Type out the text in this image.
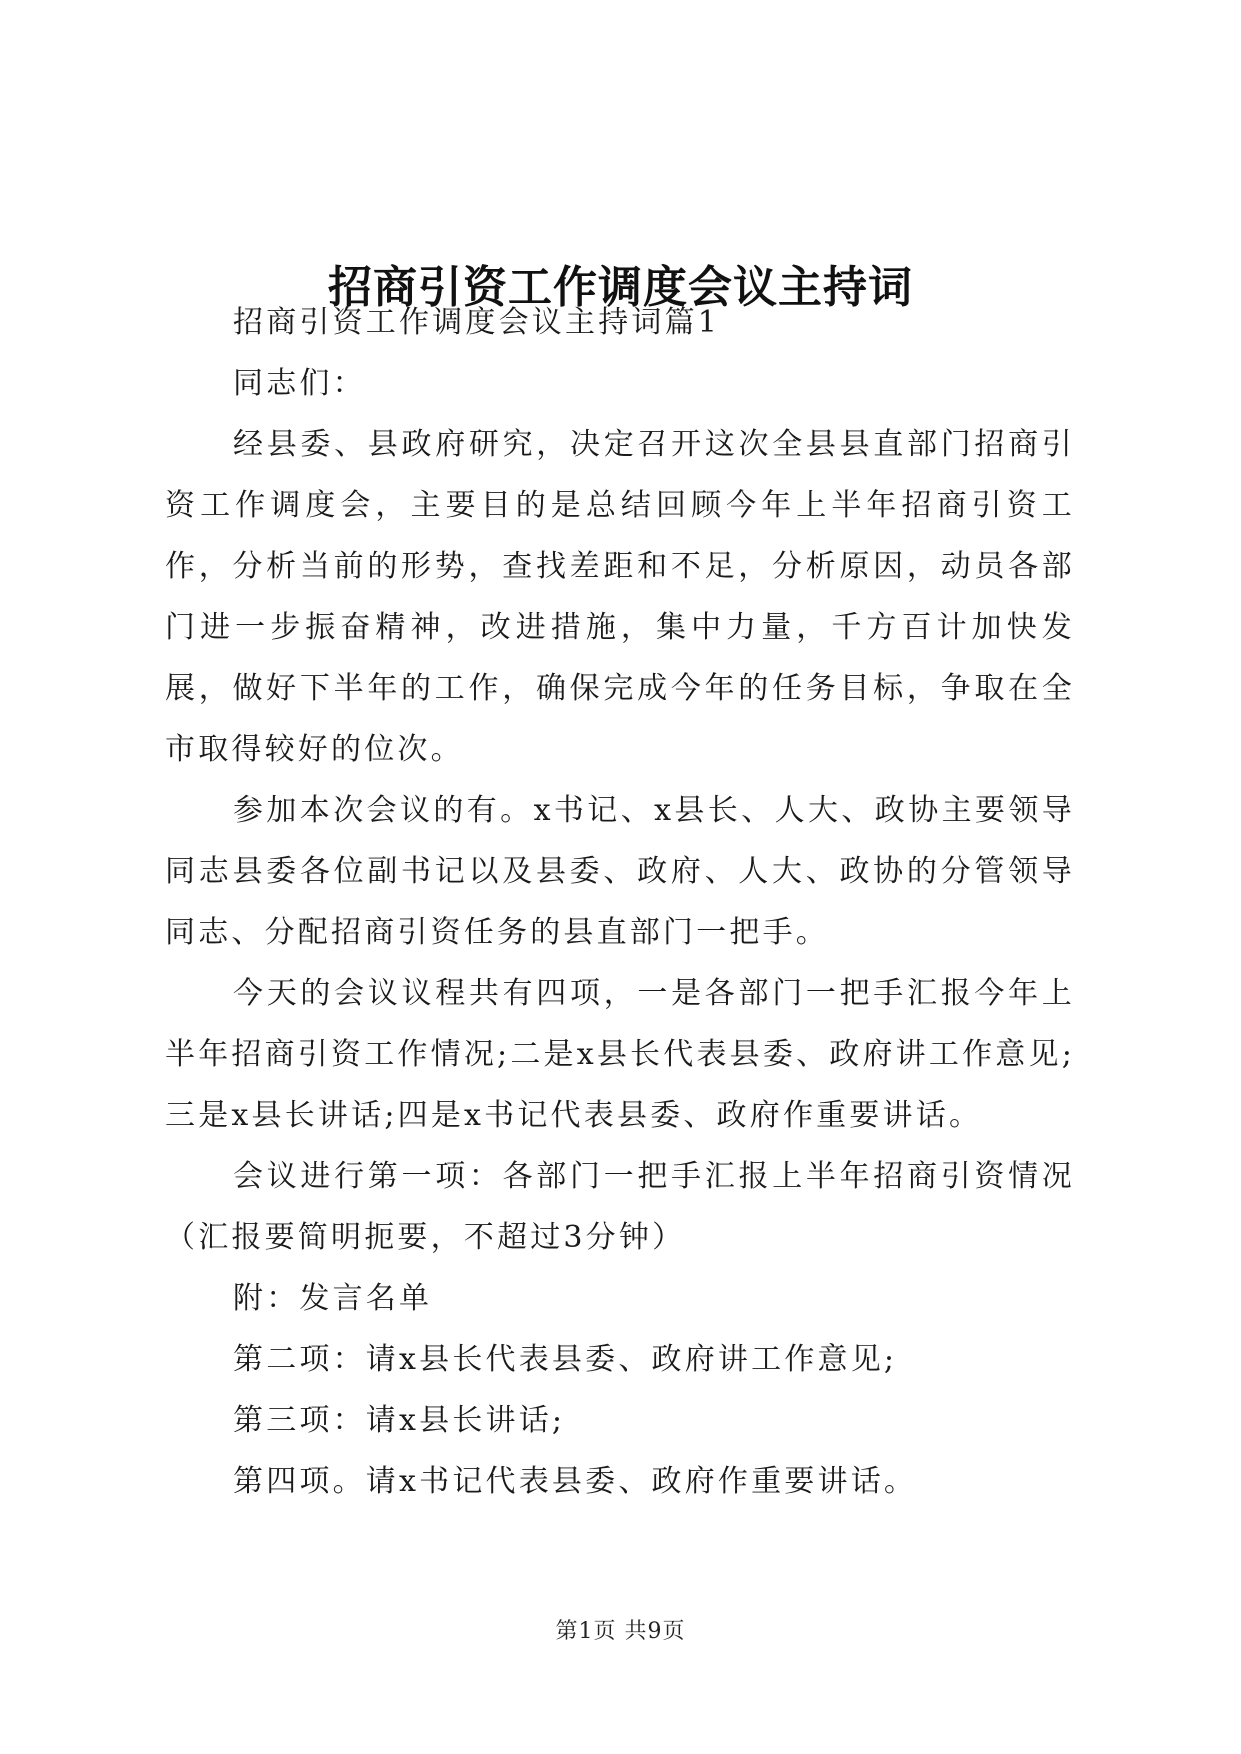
招商引资工作调度会议主持词

招商引资工作调度会议主持词篇1

同志们：

经县委、县政府研究，决定召开这次全县县直部门招商引资工作调度会，主要目的是总结回顾今年上半年招商引资工作，分析当前的形势，查找差距和不足，分析原因，动员各部门进一步振奋精神，改进措施，集中力量，千方百计加快发展，做好下半年的工作，确保完成今年的任务目标，争取在全市取得较好的位次。

参加本次会议的有。x书记、x县长、人大、政协主要领导同志县委各位副书记以及县委、政府、人大、政协的分管领导同志、分配招商引资任务的县直部门一把手。

今天的会议议程共有四项，一是各部门一把手汇报今年上半年招商引资工作情况;二是x县长代表县委、政府讲工作意见;三是x县长讲话;四是x书记代表县委、政府作重要讲话。

会议进行第一项：各部门一把手汇报上半年招商引资情况（汇报要简明扼要，不超过3分钟）

附：发言名单

第二项：请x县长代表县委、政府讲工作意见;

第三项：请x县长讲话;

第四项。请x书记代表县委、政府作重要讲话。

第1页 共9页
